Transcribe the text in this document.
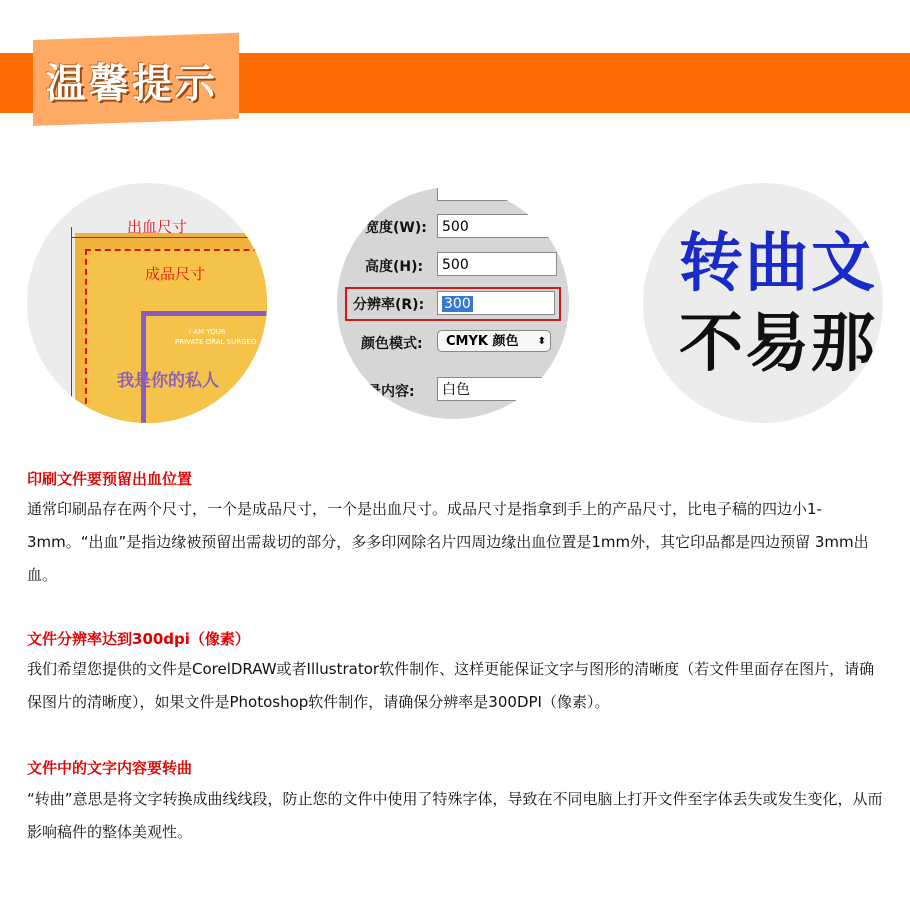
温馨提示
出血尺寸
成品尺寸
I AM YOUR
PRIVATE ORAL SURGEO
我是你的私人
宽度(W):	500
高度(H):	500
分辨率(R):	300
颜色模式:	CMYK 颜色 ⬍
景内容:	白色
转曲文
不易那
印刷文件要预留出血位置
通常印刷品存在两个尺寸，一个是成品尺寸，一个是出血尺寸。成品尺寸是指拿到手上的产品尺寸，比电子稿的四边小1-3mm。“出血”是指边缘被预留出需裁切的部分，多多印网除名片四周边缘出血位置是1mm外，其它印品都是四边预留 3mm出血。
文件分辨率达到300dpi（像素）
我们希望您提供的文件是CorelDRAW或者Illustrator软件制作、这样更能保证文字与图形的清晰度（若文件里面存在图片，请确保图片的清晰度），如果文件是Photoshop软件制作，请确保分辨率是300DPI（像素）。
文件中的文字内容要转曲
“转曲”意思是将文字转换成曲线线段，防止您的文件中使用了特殊字体，导致在不同电脑上打开文件至字体丢失或发生变化，从而影响稿件的整体美观性。
